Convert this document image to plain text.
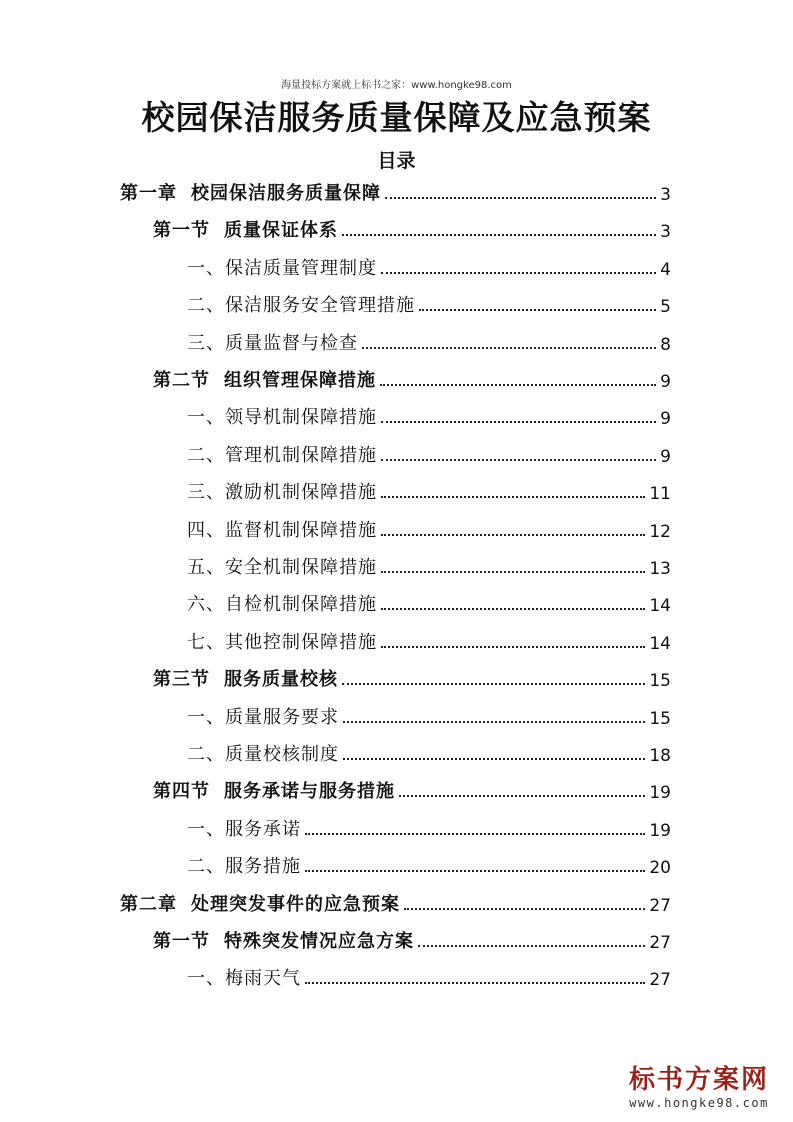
海量投标方案就上标书之家：www.hongke98.com
校园保洁服务质量保障及应急预案
目录
第一章 校园保洁服务质量保障	3
第一节 质量保证体系	3
一、 保洁质量管理制度	4
二、 保洁服务安全管理措施	5
三、 质量监督与检查	8
第二节 组织管理保障措施	9
一、 领导机制保障措施	9
二、 管理机制保障措施	9
三、 激励机制保障措施	11
四、 监督机制保障措施	12
五、 安全机制保障措施	13
六、 自检机制保障措施	14
七、 其他控制保障措施	14
第三节 服务质量校核	15
一、 质量服务要求	15
二、 质量校核制度	18
第四节 服务承诺与服务措施	19
一、 服务承诺	19
二、 服务措施	20
第二章 处理突发事件的应急预案	27
第一节 特殊突发情况应急方案	27
一、 梅雨天气	27
标书方案网
www.hongke98.com
